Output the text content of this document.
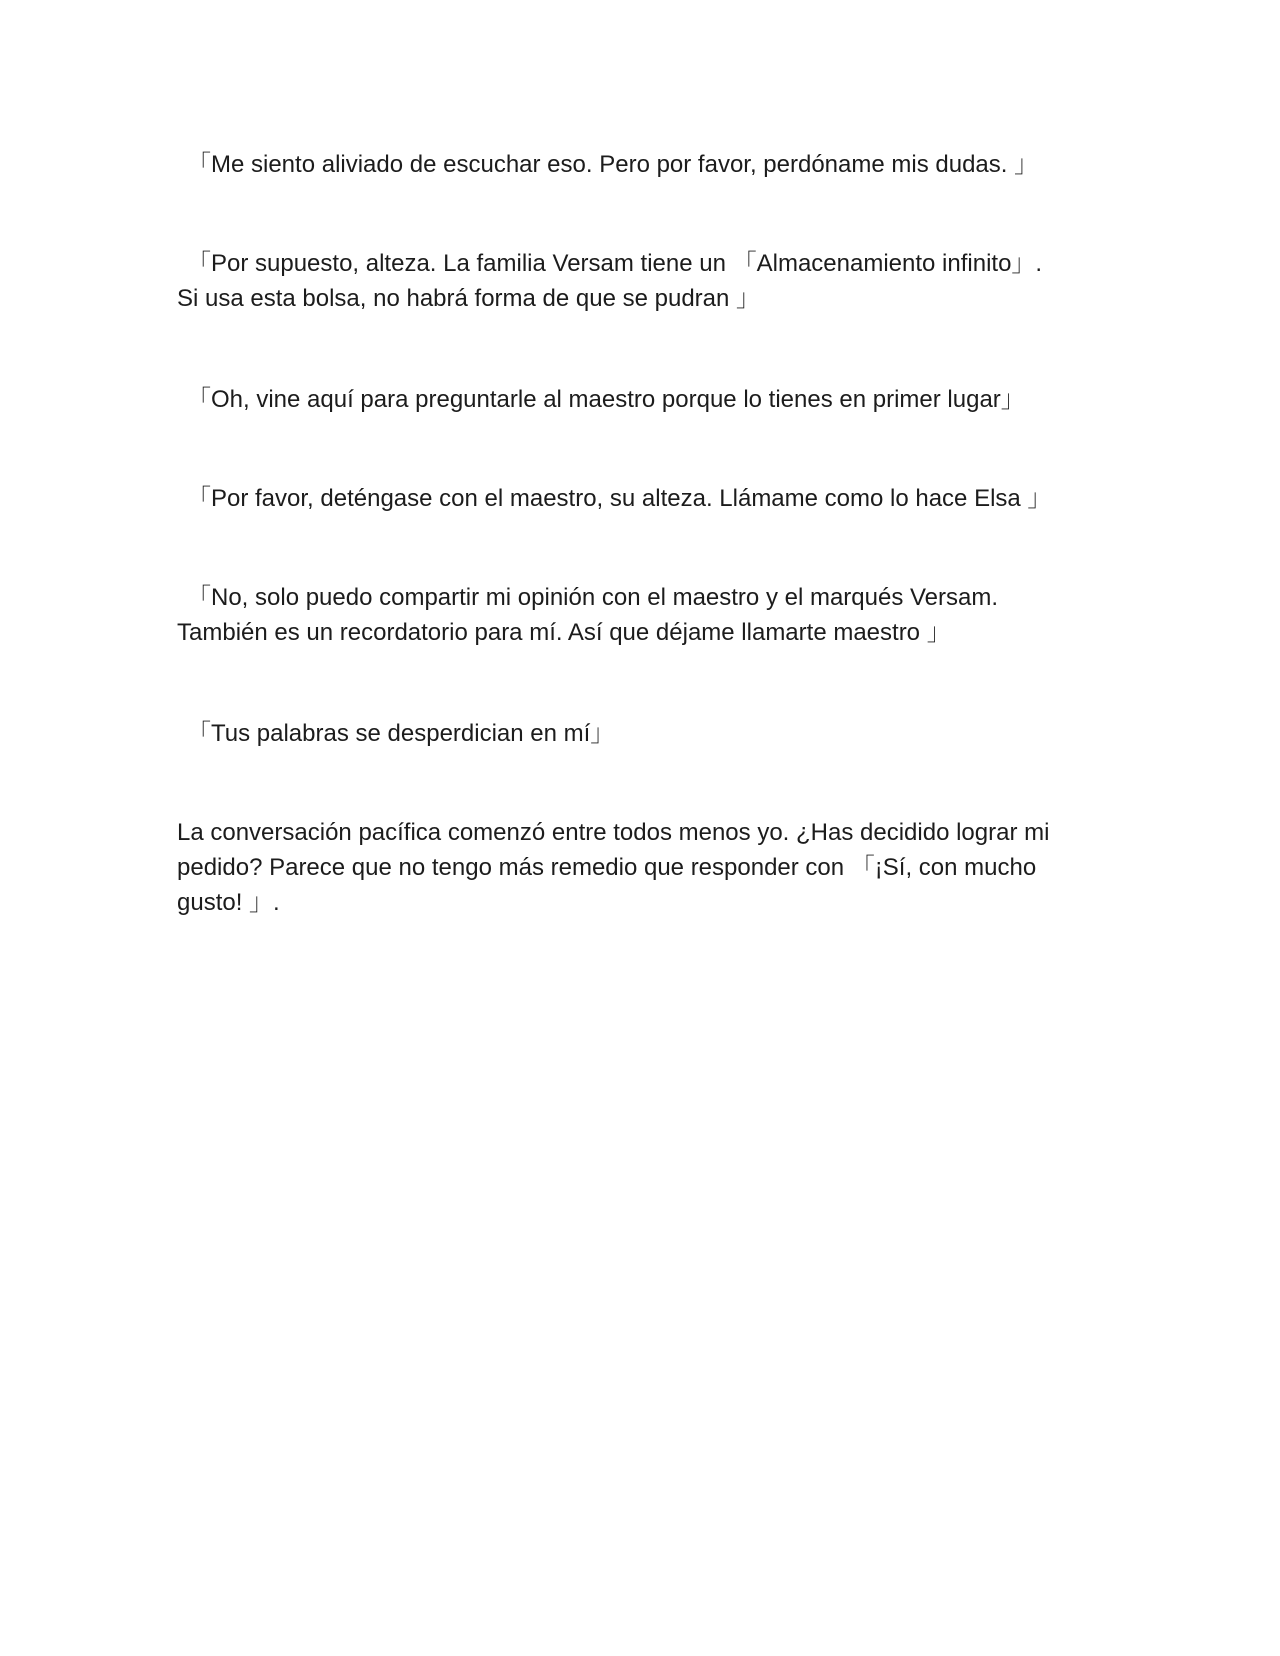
「Me siento aliviado de escuchar eso. Pero por favor, perdóname mis dudas. 」

「Por supuesto, alteza. La familia Versam tiene un 「Almacenamiento infinito」.
Si usa esta bolsa, no habrá forma de que se pudran 」

「Oh, vine aquí para preguntarle al maestro porque lo tienes en primer lugar」

「Por favor, deténgase con el maestro, su alteza. Llámame como lo hace Elsa 」

「No, solo puedo compartir mi opinión con el maestro y el marqués Versam.
También es un recordatorio para mí. Así que déjame llamarte maestro 」

「Tus palabras se desperdician en mí」

La conversación pacífica comenzó entre todos menos yo. ¿Has decidido lograr mi
pedido? Parece que no tengo más remedio que responder con 「¡Sí, con mucho
gusto! 」.
